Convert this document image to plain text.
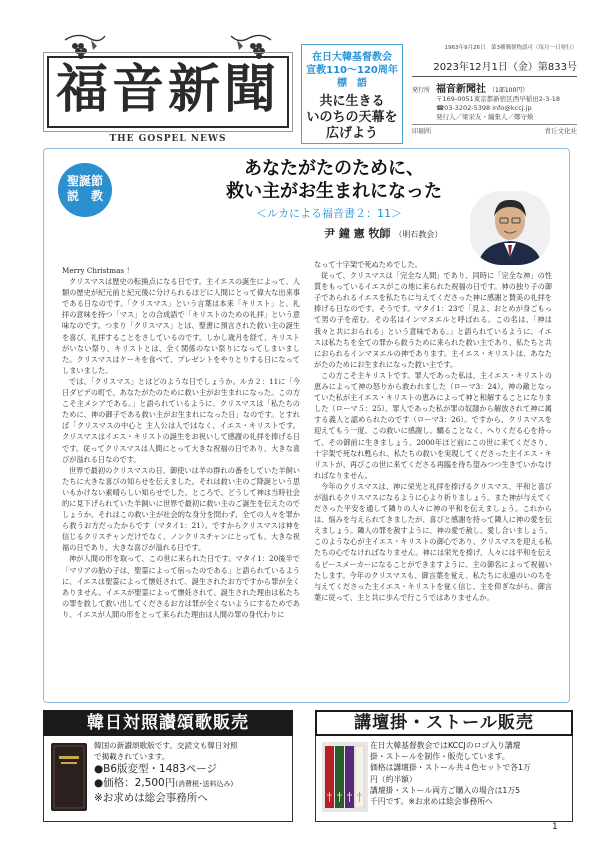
福音新聞
THE GOSPEL NEWS
在日大韓基督教会
宣教110〜120周年
標　語
共に生きる
いのちの天幕を
広げよう
1963年9月26日　第3種郵便物認可（毎月一日発行）
2023年12月1日（金）第833号
発行所 福音新聞社 （1部100円）
〒169-0051東京都新宿区西早稲田2-3-18
☎03-3202-5398 info@kccj.jp
発行人／梁栄友・編集人／鄭守煥
印刷所	青丘文化社
聖誕節
説　教
あなたがたのために、
救い主がお生まれになった
＜ルカによる福音書２：11＞
尹 鐘 憲 牧師 （明石教会）

Merry Christmas ！

クリスマスは歴史の転換点になる日です。主イエスの誕生によって、人類の歴史が紀元前と紀元後に分けられるほどに人間にとって偉大な出来事である日なのです。「クリスマス」という言葉は本来「キリスト」と、礼拝の意味を持つ「マス」との合成語で「キリストのための礼拝」という意味なのです。つまり「クリスマス」とは、聖書に預言された救い主の誕生を喜び、礼拝することをさしているのです。しかし歳月を経て、キリストがいない祭り、キリストとは、全く関係のない祭りになってしまいました。クリスマスはケーキを食べて、プレゼントをやりとりする日になってしまいました。

では、「クリスマス」とはどのような日でしょうか。ルカ２：11に「今日ダビデの町で、あなたがたのために救い主がお生まれになった。この方こそ主メシアである。」と語られているように、クリスマスは「私たちのために、神の御子である救い主がお生まれになった日」なのです。とすれば「クリスマスの中心と 主人公は人ではなく、イエス・キリストです。クリスマスはイエス・キリストの誕生をお祝いして感謝の礼拝を捧げる日です。従ってクリスマスは人間にとって大きな祝福の日であり、大きな喜びが溢れる日なのです。

世界で最初のクリスマスの日、御使いは羊の群れの番をしていた羊飼いたちに大きな喜びの知らせを伝えました。それは救い主のご降誕という思いもかけない素晴らしい知らせでした。ところで、どうして神は当時社会的に見下げられていた羊飼いに世界で最初に救い主のご誕生を伝えたのでしょうか。それはこの救い主が社会的な身分を問わず、全ての人々を罪から救うお方だったからです（マタイ1：21）。ですからクリスマスは神を信じるクリスチャンだけでなく、ノンクリスチャンにとっても、大きな祝福の日であり、大きな喜びが溢れる日です。

神が人間の形を取って、この世に来られた日です。マタイ1：20後半で「マリアの胎の子は、聖霊によって宿ったのである」と語られているように、イエスは聖霊によって懐妊されて、誕生されたお方ですから罪が全くありません。イエスが聖霊によって懐妊されて、誕生された理由は私たちの罪を救して救い出してくださるお方は罪が全くないようにするためであり、イエスが人間の形をとって来られた理由は人間の罪の身代わりに

なって十字架で死ぬためでした。

従って、クリスマスは「完全な人間」であり、同時に「完全な神」の性質をもっているイエスがこの地に来られた祝福の日です。神の独り子の御子であられるイエスを私たちに与えてくださった神に感謝と賛美の礼拝を捧げる日なのです。そうです。マタイ1：23で「見よ、おとめが身ごもって男の子を産む。その名はインマヌエルと呼ばれる。この名は、「神は我々と共におられる」という意味である。」と語られているように、イエスは私たちを全ての罪から救うために来られた救い主であり、私たちと共におられるインマヌエルの神であります。主イエス・キリストは、あなたがたのためにお生まれになった救い主です。

この方こそ主キリストです。罪人であった私は、主イエス・キリストの恵みによって神の怒りから救われました（ローマ3：24）。神の敵となっていた私が主イエス・キリストの恵みによって神と和解することになりました（ローマ５：25）。罪人であった私が罪の奴隷から解放されて神に属する義人と認められたのです（ローマ3：26）。ですから、クリスマスを迎えてもう一度、この救いに感謝し、驕ることなく、へりくだる心を持って、その御前に生きましょう。2000年ほど前にこの世に来てくださり、十字架で死なれ甦られ、私たちの救いを実現してくださった主イエス・キリストが、再びこの世に来てくださる再臨を待ち望みつつ生きていかなければなりません。

今年のクリスマスは、神に栄光と礼拝を捧げるクリスマス、平和と喜びが溢れるクリスマスになるように心より祈りましょう。また神が与えてくださった平安を通して隣りの人々に神の平和を伝えましょう。これからは、悩みを与えられてきましたが、喜びと感謝を持って隣人に神の愛を伝えましょう。隣人の罪を赦すように、神の愛で赦し、愛し合いましょう。このような心が主イエス・キリストの御心であり、クリスマスを迎える私たちの心でなければなりません。神には栄光を捧げ、人々には平和を伝えるピースメーカーになることができますように、主の御名によって祝福いたします。今年のクリスマスも、御言葉を覚え、私たちに永遠のいのちを与えてくださった主イエス・キリストを覚く信じ、主を仰ぎながら、御言葉に従って、主と共に歩んで行こうではありませんか。

韓日対照讃頌歌販売
韓国の新讃頌歌版です。交読文も韓日対照
で掲載されています。
●B6版変型・1483ページ
●価格：2,500円(消費税･送料込み)
※お求めは総会事務所へ
講壇掛・ストール販売
在日大韓基督教会ではKCCJのロゴ入り講壇
掛・ストールを制作・販売しています。
価格は講壇掛・ストール共４色セットで各1万
円（約半額）
講壇掛・ストール両方ご購入の場合は1万5
千円です。※お求めは総会事務所へ
1
